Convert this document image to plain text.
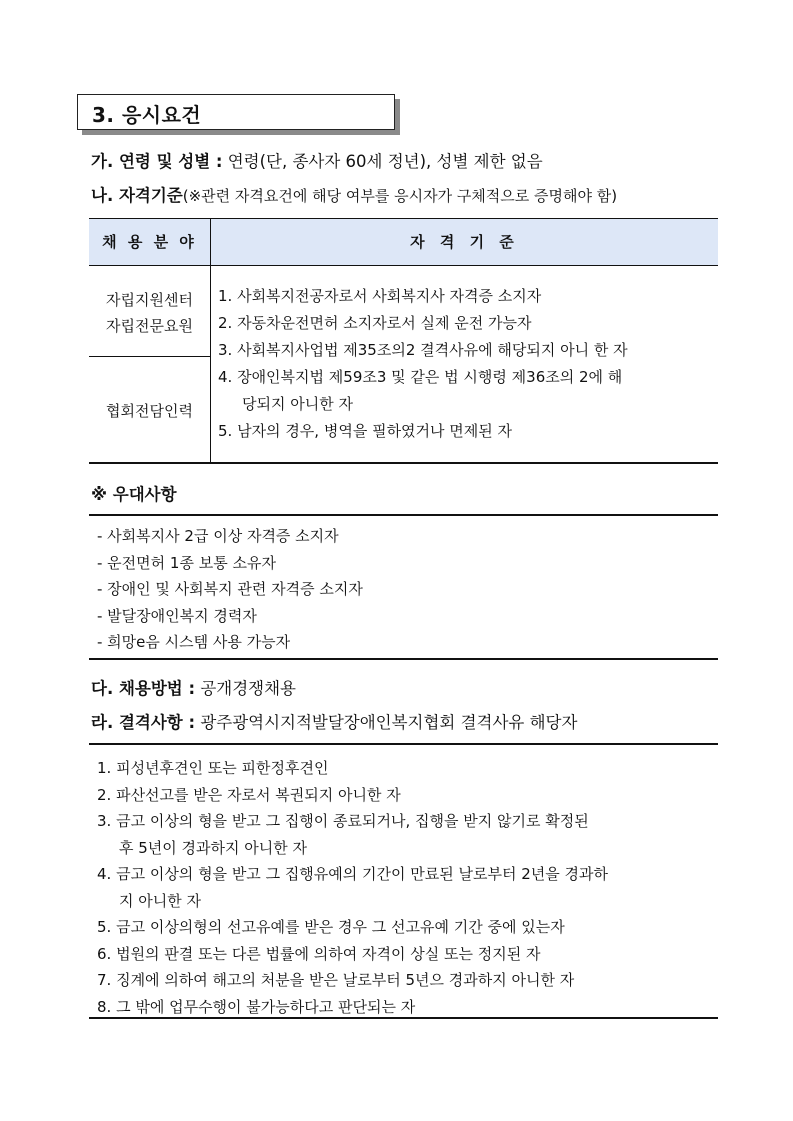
3. 응시요건
가. 연령 및 성별 : 연령(단, 종사자 60세 정년), 성별 제한 없음
나. 자격기준(※관련 자격요건에 해당 여부를 응시자가 구체적으로 증명해야 함)
채 용 분 야	자 격 기 준
자립지원센터
자립전문요원
협회전담인력
1. 사회복지전공자로서 사회복지사 자격증 소지자
2. 자동차운전면허 소지자로서 실제 운전 가능자
3. 사회복지사업법 제35조의2 결격사유에 해당되지 아니 한 자
4. 장애인복지법 제59조3 및 같은 법 시행령 제36조의 2에 해
당되지 아니한 자
5. 남자의 경우, 병역을 필하였거나 면제된 자
※ 우대사항
- 사회복지사 2급 이상 자격증 소지자
- 운전면허 1종 보통 소유자
- 장애인 및 사회복지 관련 자격증 소지자
- 발달장애인복지 경력자
- 희망e음 시스템 사용 가능자
다. 채용방법 : 공개경쟁채용
라. 결격사항 : 광주광역시지적발달장애인복지협회 결격사유 해당자
1. 피성년후견인 또는 피한정후견인
2. 파산선고를 받은 자로서 복권되지 아니한 자
3. 금고 이상의 형을 받고 그 집행이 종료되거나, 집행을 받지 않기로 확정된
후 5년이 경과하지 아니한 자
4. 금고 이상의 형을 받고 그 집행유예의 기간이 만료된 날로부터 2년을 경과하
지 아니한 자
5. 금고 이상의형의 선고유예를 받은 경우 그 선고유예 기간 중에 있는자
6. 법원의 판결 또는 다른 법률에 의하여 자격이 상실 또는 정지된 자
7. 징계에 의하여 해고의 처분을 받은 날로부터 5년으 경과하지 아니한 자
8. 그 밖에 업무수행이 불가능하다고 판단되는 자
